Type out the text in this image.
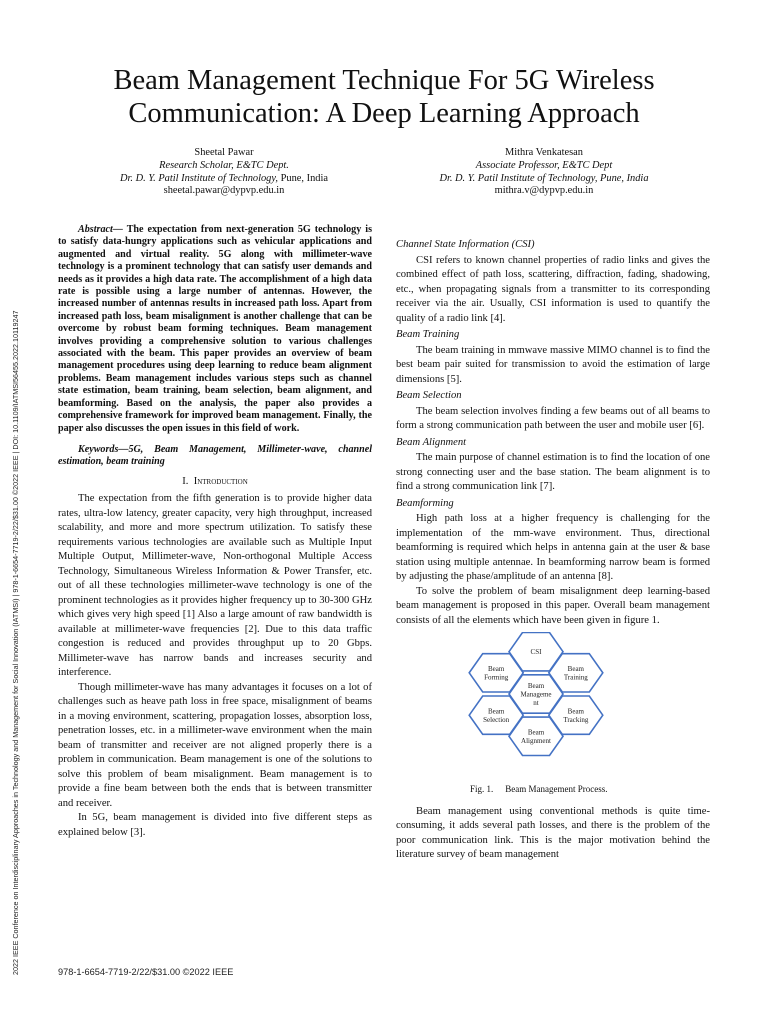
2022 IEEE Conference on Interdisciplinary Approaches in Technology and Management for Social Innovation (IATMSI) | 978-1-6654-7719-2/22/$31.00 ©2022 IEEE | DOI: 10.1109/IATMSI56455.2022.10119247
Beam Management Technique For 5G Wireless Communication: A Deep Learning Approach
Sheetal Pawar
Research Scholar, E&TC Dept.
Dr. D. Y. Patil Institute of Technology, Pune, India
sheetal.pawar@dypvp.edu.in
Mithra Venkatesan
Associate Professor, E&TC Dept
Dr. D. Y. Patil Institute of Technology, Pune, India
mithra.v@dypvp.edu.in

Abstract— The expectation from next-generation 5G technology is to satisfy data-hungry applications such as vehicular applications and augmented and virtual reality. 5G along with millimeter-wave technology is a prominent technology that can satisfy user demands and needs as it provides a high data rate. The accomplishment of a high data rate is possible using a large number of antennas. However, the increased number of antennas results in increased path loss. Apart from increased path loss, beam misalignment is another challenge that can be overcome by robust beam forming techniques. Beam management involves providing a comprehensive solution to various challenges associated with the beam. This paper provides an overview of beam management procedures using deep learning to reduce beam alignment problems. Beam management includes various steps such as channel state estimation, beam training, beam selection, beam alignment, and beamforming. Based on the analysis, the paper also provides a comprehensive framework for improved beam management. Finally, the paper also discusses the open issues in this field of work.

Keywords—5G, Beam Management, Millimeter-wave, channel estimation, beam training

I. Introduction

The expectation from the fifth generation is to provide higher data rates, ultra-low latency, greater capacity, very high throughput, increased scalability, and more and more spectrum utilization. To satisfy these requirements various technologies are available such as Multiple Input Multiple Output, Millimeter-wave, Non-orthogonal Multiple Access Technology, Simultaneous Wireless Information & Power Transfer, etc. out of all these technologies millimeter-wave technology is one of the prominent technologies as it provides higher frequency up to 30-300 GHz which gives very high speed [1] Also a large amount of raw bandwidth is available at millimeter-wave frequencies [2]. Due to this data traffic congestion is reduced and provides throughput up to 20 Gbps. Millimeter-wave has narrow bands and increases security and interference.

Though millimeter-wave has many advantages it focuses on a lot of challenges such as heave path loss in free space, misalignment of beams in a moving environment, scattering, propagation losses, absorption loss, penetration losses, etc. in a millimeter-wave environment when the main beam of transmitter and receiver are not aligned properly there is a problem in communication. Beam management is one of the solutions to solve this problem of beam misalignment. Beam management is to provide a fine beam between both the ends that is between transmitter and receiver.

In 5G, beam management is divided into five different steps as explained below [3].

Channel State Information (CSI)

CSI refers to known channel properties of radio links and gives the combined effect of path loss, scattering, diffraction, fading, shadowing, etc., when propagating signals from a transmitter to its corresponding receiver via the air. Usually, CSI information is used to quantify the quality of a radio link [4].

Beam Training

The beam training in mmwave massive MIMO channel is to find the best beam pair suited for transmission to avoid the estimation of large dimensions [5].

Beam Selection

The beam selection involves finding a few beams out of all beams to form a strong communication path between the user and mobile user [6].

Beam Alignment

The main purpose of channel estimation is to find the location of one strong connecting user and the base station. The beam alignment is to find a strong communication link [7].

Beamforming

High path loss at a higher frequency is challenging for the implementation of the mm-wave environment. Thus, directional beamforming is required which helps in antenna gain at the user & base station using multiple antennae. In beamforming narrow beam is formed by adjusting the phase/amplitude of an antenna [8].

To solve the problem of beam misalignment deep learning-based beam management is proposed in this paper. Overall beam management consists of all the elements which have been given in figure 1.

CSI
Beam
Training
Beam
Tracking
Beam
Alignment
Beam
Selection
Beam
Forming
Beam
Manageme
nt
Fig. 1. Beam Management Process.

Beam management using conventional methods is quite time-consuming, it adds several path losses, and there is the problem of the poor communication link. This is the major motivation behind the literature survey of beam management

978-1-6654-7719-2/22/$31.00 ©2022 IEEE
